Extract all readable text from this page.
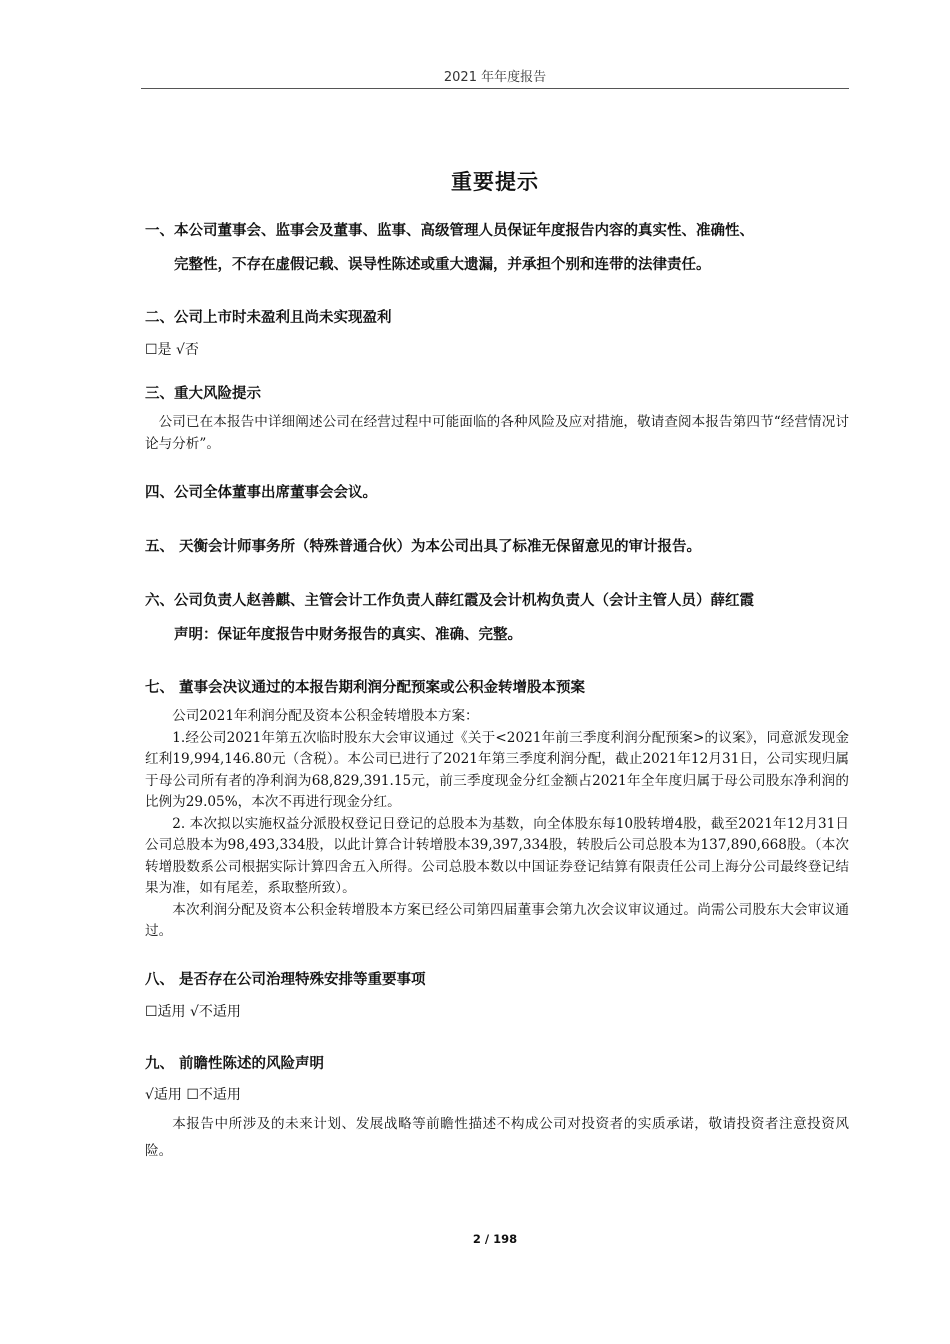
2021 年年度报告
重要提示
一、本公司董事会、监事会及董事、监事、高级管理人员保证年度报告内容的真实性、准确性、
完整性，不存在虚假记载、误导性陈述或重大遗漏，并承担个别和连带的法律责任。
二、公司上市时未盈利且尚未实现盈利
☐是 √否
三、重大风险提示

公司已在本报告中详细阐述公司在经营过程中可能面临的各种风险及应对措施，敬请查阅本报告第四节“经营情况讨论与分析”。

四、公司全体董事出席董事会会议。
五、 天衡会计师事务所（特殊普通合伙）为本公司出具了标准无保留意见的审计报告。
六、公司负责人赵善麒、主管会计工作负责人薛红霞及会计机构负责人（会计主管人员）薛红霞
声明：保证年度报告中财务报告的真实、准确、完整。
七、 董事会决议通过的本报告期利润分配预案或公积金转增股本预案

公司2021年利润分配及资本公积金转增股本方案：

1.经公司2021年第五次临时股东大会审议通过《关于<2021年前三季度利润分配预案>的议案》，同意派发现金红利19,994,146.80元（含税）。本公司已进行了2021年第三季度利润分配，截止2021年12月31日，公司实现归属于母公司所有者的净利润为68,829,391.15元，前三季度现金分红金额占2021年全年度归属于母公司股东净利润的比例为29.05%，本次不再进行现金分红。

2. 本次拟以实施权益分派股权登记日登记的总股本为基数，向全体股东每10股转增4股，截至2021年12月31日公司总股本为98,493,334股，以此计算合计转增股本39,397,334股，转股后公司总股本为137,890,668股。（本次转增股数系公司根据实际计算四舍五入所得。公司总股本数以中国证券登记结算有限责任公司上海分公司最终登记结果为准，如有尾差，系取整所致）。

本次利润分配及资本公积金转增股本方案已经公司第四届董事会第九次会议审议通过。尚需公司股东大会审议通过。

八、 是否存在公司治理特殊安排等重要事项
☐适用 √不适用
九、 前瞻性陈述的风险声明
√适用 ☐不适用

本报告中所涉及的未来计划、发展战略等前瞻性描述不构成公司对投资者的实质承诺，敬请投资者注意投资风险。

2 / 198
